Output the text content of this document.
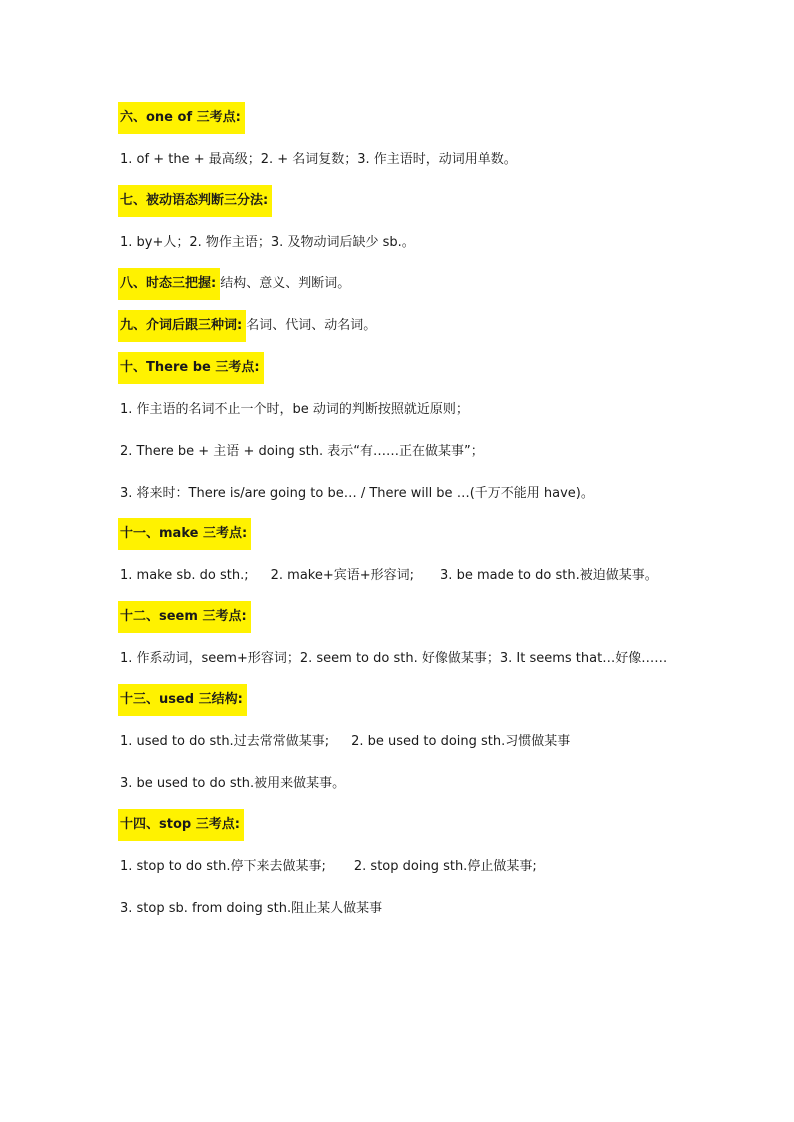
六、one of 三考点:
1. of + the + 最高级；2. + 名词复数；3. 作主语时，动词用单数。
七、被动语态判断三分法:
1. by+人；2. 物作主语；3. 及物动词后缺少 sb.。
八、时态三把握: 结构、意义、判断词。
九、介词后跟三种词: 名词、代词、动名词。
十、There be 三考点:
1. 作主语的名词不止一个时，be 动词的判断按照就近原则；
2. There be + 主语 + doing sth. 表示“有……正在做某事”；
3. 将来时：There is/are going to be… / There will be …(千万不能用 have)。
十一、make 三考点:
1. make sb. do sth.; 2. make+宾语+形容词; 3. be made to do sth.被迫做某事。
十二、seem 三考点:
1. 作系动词，seem+形容词；2. seem to do sth. 好像做某事；3. It seems that…好像……
十三、used 三结构:
1. used to do sth.过去常常做某事; 2. be used to doing sth.习惯做某事
3. be used to do sth.被用来做某事。
十四、stop 三考点:
1. stop to do sth.停下来去做某事; 2. stop doing sth.停止做某事;
3. stop sb. from doing sth.阻止某人做某事
